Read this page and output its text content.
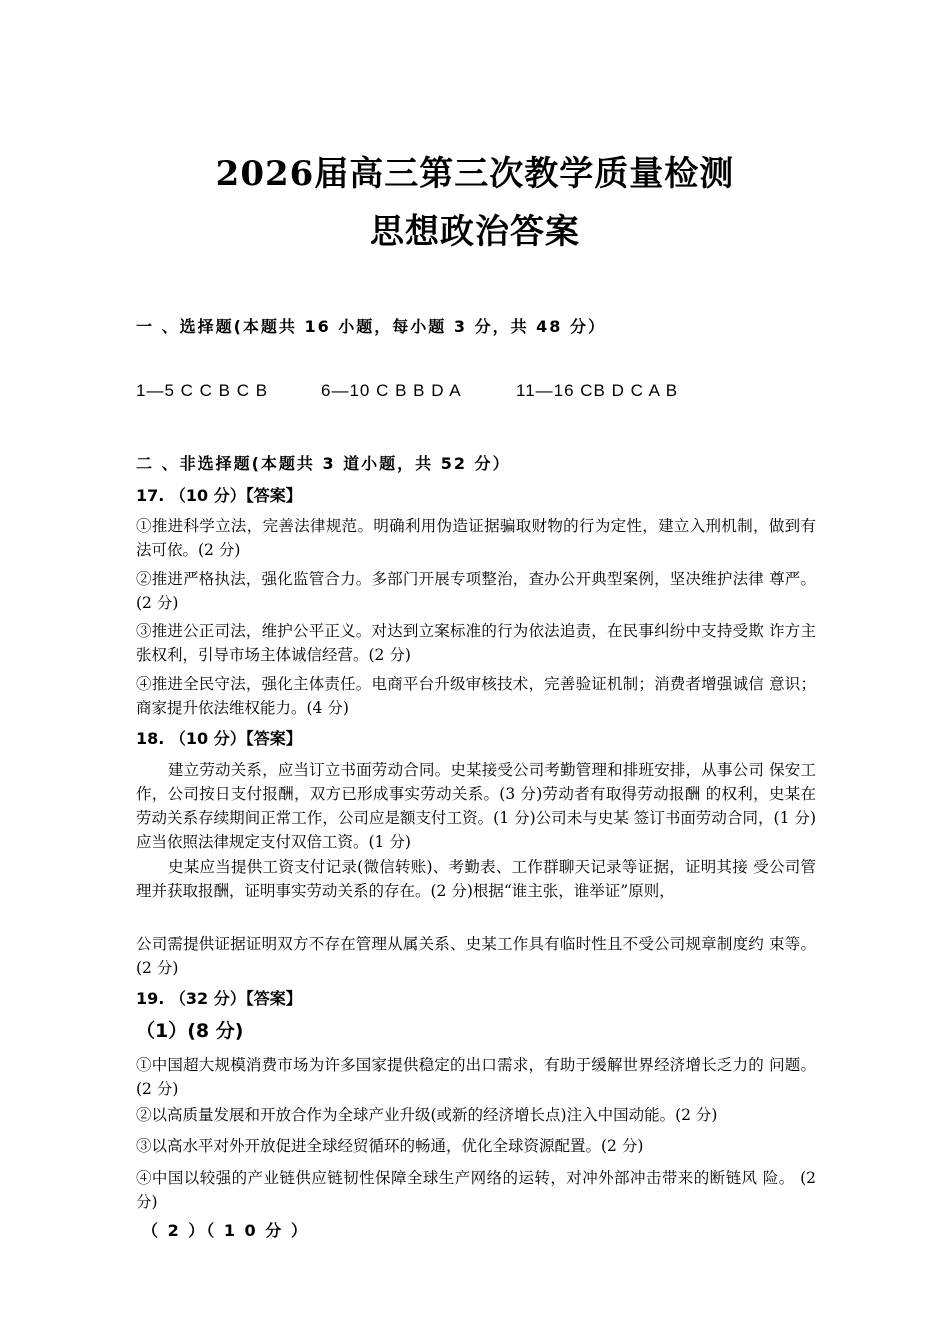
2026届高三第三次教学质量检测
思想政治答案
一 、选择题(本题共 16 小题，每小题 3 分，共 48 分）
1—5 C C B C B	6—10 C B B D A	11—16 CB D C A B
二 、非选择题(本题共 3 道小题，共 52 分）
17. （10 分）【答案】
①推进科学立法，完善法律规范。明确利用伪造证据骗取财物的行为定性，建立入刑机制，做到有法可依。(2 分)
②推进严格执法，强化监管合力。多部门开展专项整治，查办公开典型案例，坚决维护法律 尊严。(2 分)
③推进公正司法，维护公平正义。对达到立案标准的行为依法追责，在民事纠纷中支持受欺 诈方主张权利，引导市场主体诚信经营。(2 分)
④推进全民守法，强化主体责任。电商平台升级审核技术，完善验证机制；消费者增强诚信 意识；商家提升依法维权能力。(4 分)
18. （10 分）【答案】
建立劳动关系，应当订立书面劳动合同。史某接受公司考勤管理和排班安排，从事公司 保安工作，公司按日支付报酬，双方已形成事实劳动关系。(3 分)劳动者有取得劳动报酬 的权利，史某在劳动关系存续期间正常工作，公司应是额支付工资。(1 分)公司未与史某 签订书面劳动合同，(1 分)应当依照法律规定支付双倍工资。(1 分)
史某应当提供工资支付记录(微信转账)、考勤表、工作群聊天记录等证据，证明其接 受公司管理并获取报酬，证明事实劳动关系的存在。(2 分)根据“谁主张，谁举证”原则，
公司需提供证据证明双方不存在管理从属关系、史某工作具有临时性且不受公司规章制度约 束等。(2 分)
19. （32 分）【答案】
（1）(8 分)
①中国超大规模消费市场为许多国家提供稳定的出口需求，有助于缓解世界经济增长乏力的 问题。(2 分)
②以高质量发展和开放合作为全球产业升级(或新的经济增长点)注入中国动能。(2 分)
③以高水平对外开放促进全球经贸循环的畅通，优化全球资源配置。(2 分)
④中国以较强的产业链供应链韧性保障全球生产网络的运转，对冲外部冲击带来的断链风 险。 (2 分)
（ 2 ）（ 1 0 分 ）
